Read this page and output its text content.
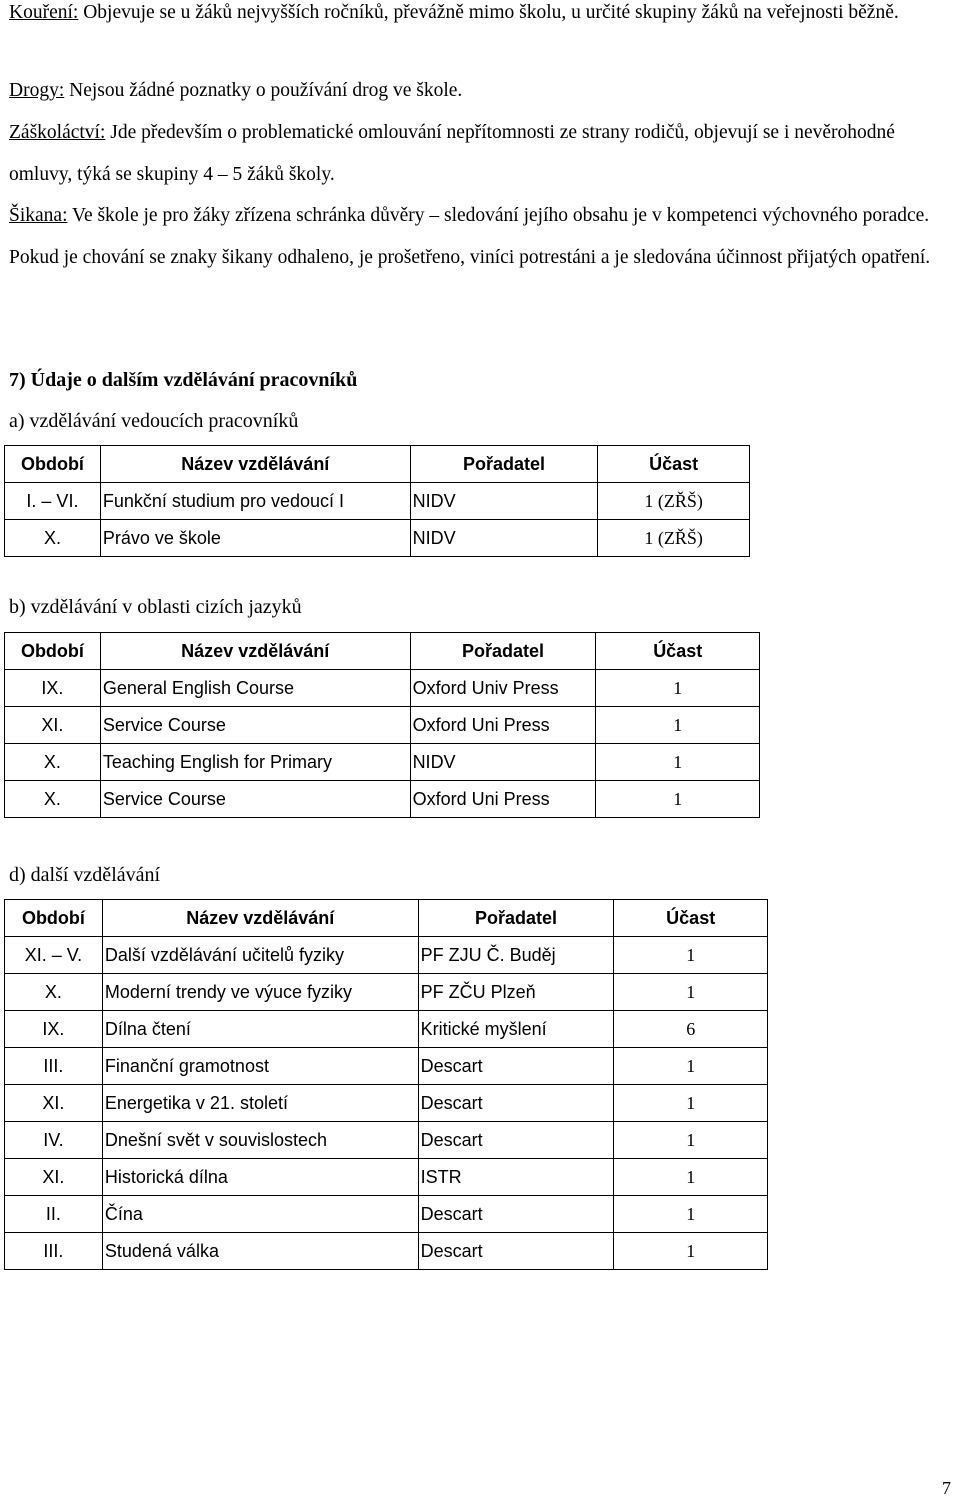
Kouření: Objevuje se u žáků nejvyšších ročníků, převážně mimo školu, u určité skupiny žáků na veřejnosti běžně.
Drogy: Nejsou žádné poznatky o používání drog ve škole.
Záškoláctví: Jde především o problematické omlouvání nepřítomnosti ze strany rodičů, objevují se i nevěrohodné omluvy, týká se skupiny 4 – 5 žáků školy.
Šikana: Ve škole je pro žáky zřízena schránka důvěry – sledování jejího obsahu je v kompetenci výchovného poradce. Pokud je chování se znaky šikany odhaleno, je prošetřeno, viníci potrestáni a je sledována účinnost přijatých opatření.
7) Údaje o dalším vzdělávání pracovníků
a) vzdělávání vedoucích pracovníků
Období	Název vzdělávání	Pořadatel	Účast
I. – VI.	Funkční studium pro vedoucí I	NIDV	1 (ZŘŠ)
X.	Právo ve škole	NIDV	1 (ZŘŠ)
b) vzdělávání v oblasti cizích jazyků
Období	Název vzdělávání	Pořadatel	Účast
IX.	General English Course	Oxford Univ Press	1
XI.	Service Course	Oxford Uni Press	1
X.	Teaching English for Primary	NIDV	1
X.	Service Course	Oxford Uni Press	1
d) další vzdělávání
Období	Název vzdělávání	Pořadatel	Účast
XI. – V.	Další vzdělávání učitelů fyziky	PF ZJU Č. Buděj	1
X.	Moderní trendy ve výuce fyziky	PF ZČU Plzeň	1
IX.	Dílna čtení	Kritické myšlení	6
III.	Finanční gramotnost	Descart	1
XI.	Energetika v 21. století	Descart	1
IV.	Dnešní svět v souvislostech	Descart	1
XI.	Historická dílna	ISTR	1
II.	Čína	Descart	1
III.	Studená válka	Descart	1
7
